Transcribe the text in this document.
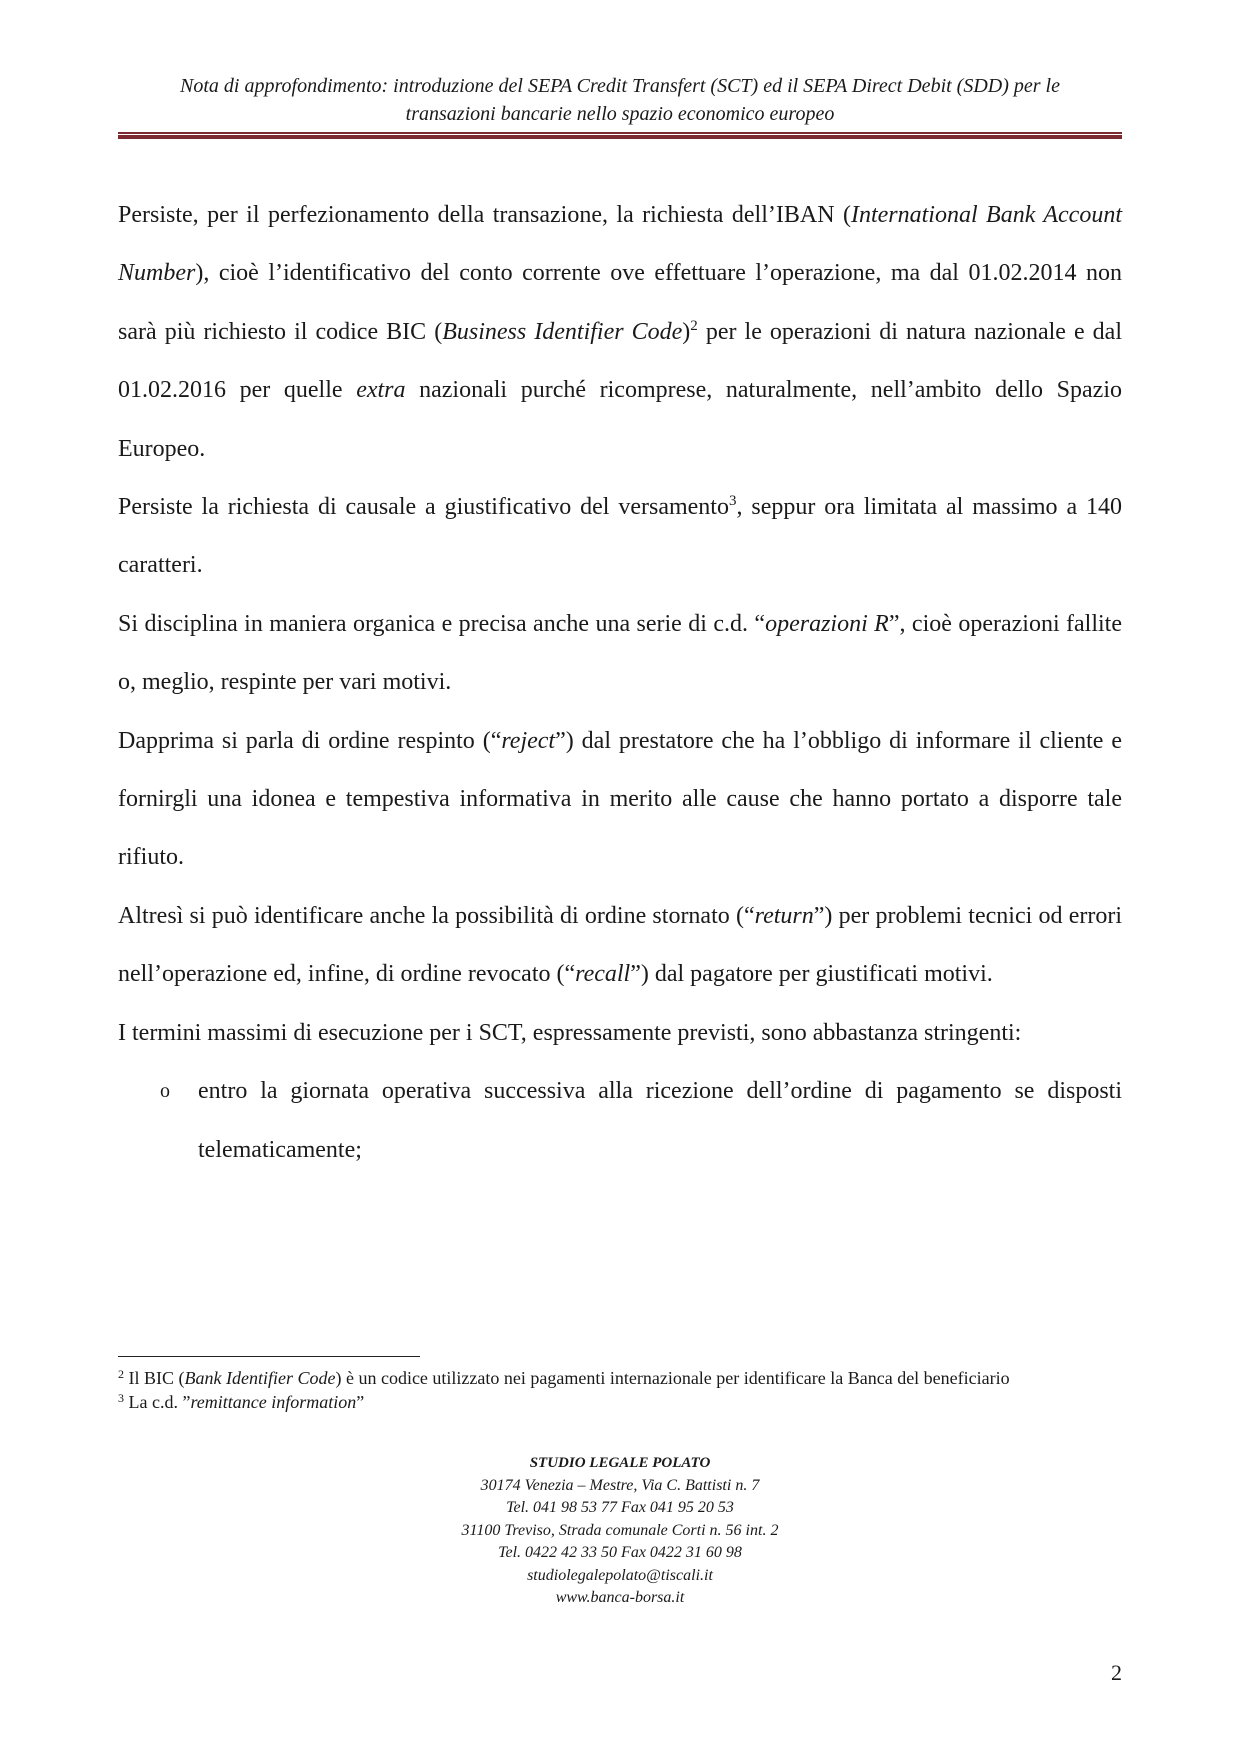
Nota di approfondimento: introduzione del SEPA Credit Transfert (SCT) ed il SEPA Direct Debit (SDD) per le
transazioni bancarie nello spazio economico europeo

Persiste, per il perfezionamento della transazione, la richiesta dell’IBAN (International Bank Account Number), cioè l’identificativo del conto corrente ove effettuare l’operazione, ma dal 01.02.2014 non sarà più richiesto il codice BIC (Business Identifier Code)$^2$ per le operazioni di natura nazionale e dal 01.02.2016 per quelle extra nazionali purché ricomprese, naturalmente, nell’ambito dello Spazio Europeo.

Persiste la richiesta di causale a giustificativo del versamento$^3$, seppur ora limitata al massimo a 140 caratteri.

Si disciplina in maniera organica e precisa anche una serie di c.d. “operazioni R”, cioè operazioni fallite o, meglio, respinte per vari motivi.

Dapprima si parla di ordine respinto (“reject”) dal prestatore che ha l’obbligo di informare il cliente e fornirgli una idonea e tempestiva informativa in merito alle cause che hanno portato a disporre tale rifiuto.

Altresì si può identificare anche la possibilità di ordine stornato (“return”) per problemi tecnici od errori nell’operazione ed, infine, di ordine revocato (“recall”) dal pagatore per giustificati motivi.

I termini massimi di esecuzione per i SCT, espressamente previsti, sono abbastanza stringenti:

o entro la giornata operativa successiva alla ricezione dell’ordine di pagamento se disposti telematicamente;

$^2$ Il BIC (Bank Identifier Code) è un codice utilizzato nei pagamenti internazionale per identificare la Banca del beneficiario

$^3$ La c.d. ”remittance information”

STUDIO LEGALE POLATO
30174 Venezia – Mestre, Via C. Battisti n. 7
Tel. 041 98 53 77 Fax 041 95 20 53
31100 Treviso, Strada comunale Corti n. 56 int. 2
Tel. 0422 42 33 50 Fax 0422 31 60 98
studiolegalepolato@tiscali.it
www.banca-borsa.it
2
